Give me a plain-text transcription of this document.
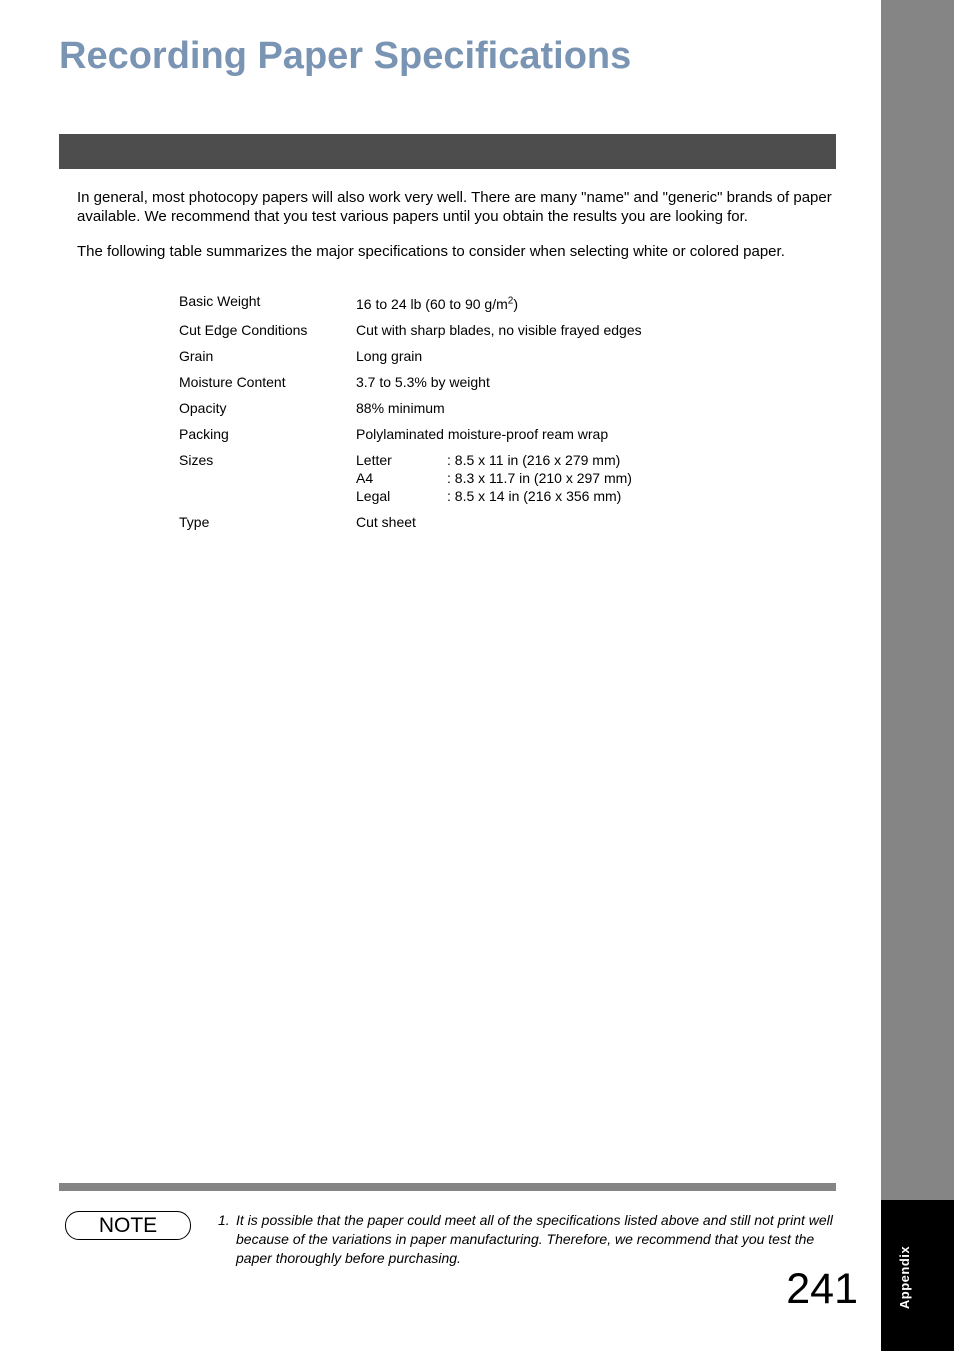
Appendix
Recording Paper Specifications

In general, most photocopy papers will also work very well. There are many "name" and "generic" brands of paper available. We recommend that you test various papers until you obtain the results you are looking for.

The following table summarizes the major specifications to consider when selecting white or colored paper.

Basic Weight	16 to 24 lb (60 to 90 $g/m^2$)
Cut Edge Conditions	Cut with sharp blades, no visible frayed edges
Grain	Long grain
Moisture Content	3.7 to 5.3% by weight
Opacity	88% minimum
Packing	Polylaminated moisture-proof ream wrap
Sizes	Letter	: 8.5 x 11 in (216 x 279 mm)
A4	: 8.3 x 11.7 in (210 x 297 mm)
Legal	: 8.5 x 14 in (216 x 356 mm)
Type	Cut sheet
NOTE	1. It is possible that the paper could meet all of the specifications listed above and still not print well because of the variations in paper manufacturing. Therefore, we recommend that you test the paper thoroughly before purchasing.
241
